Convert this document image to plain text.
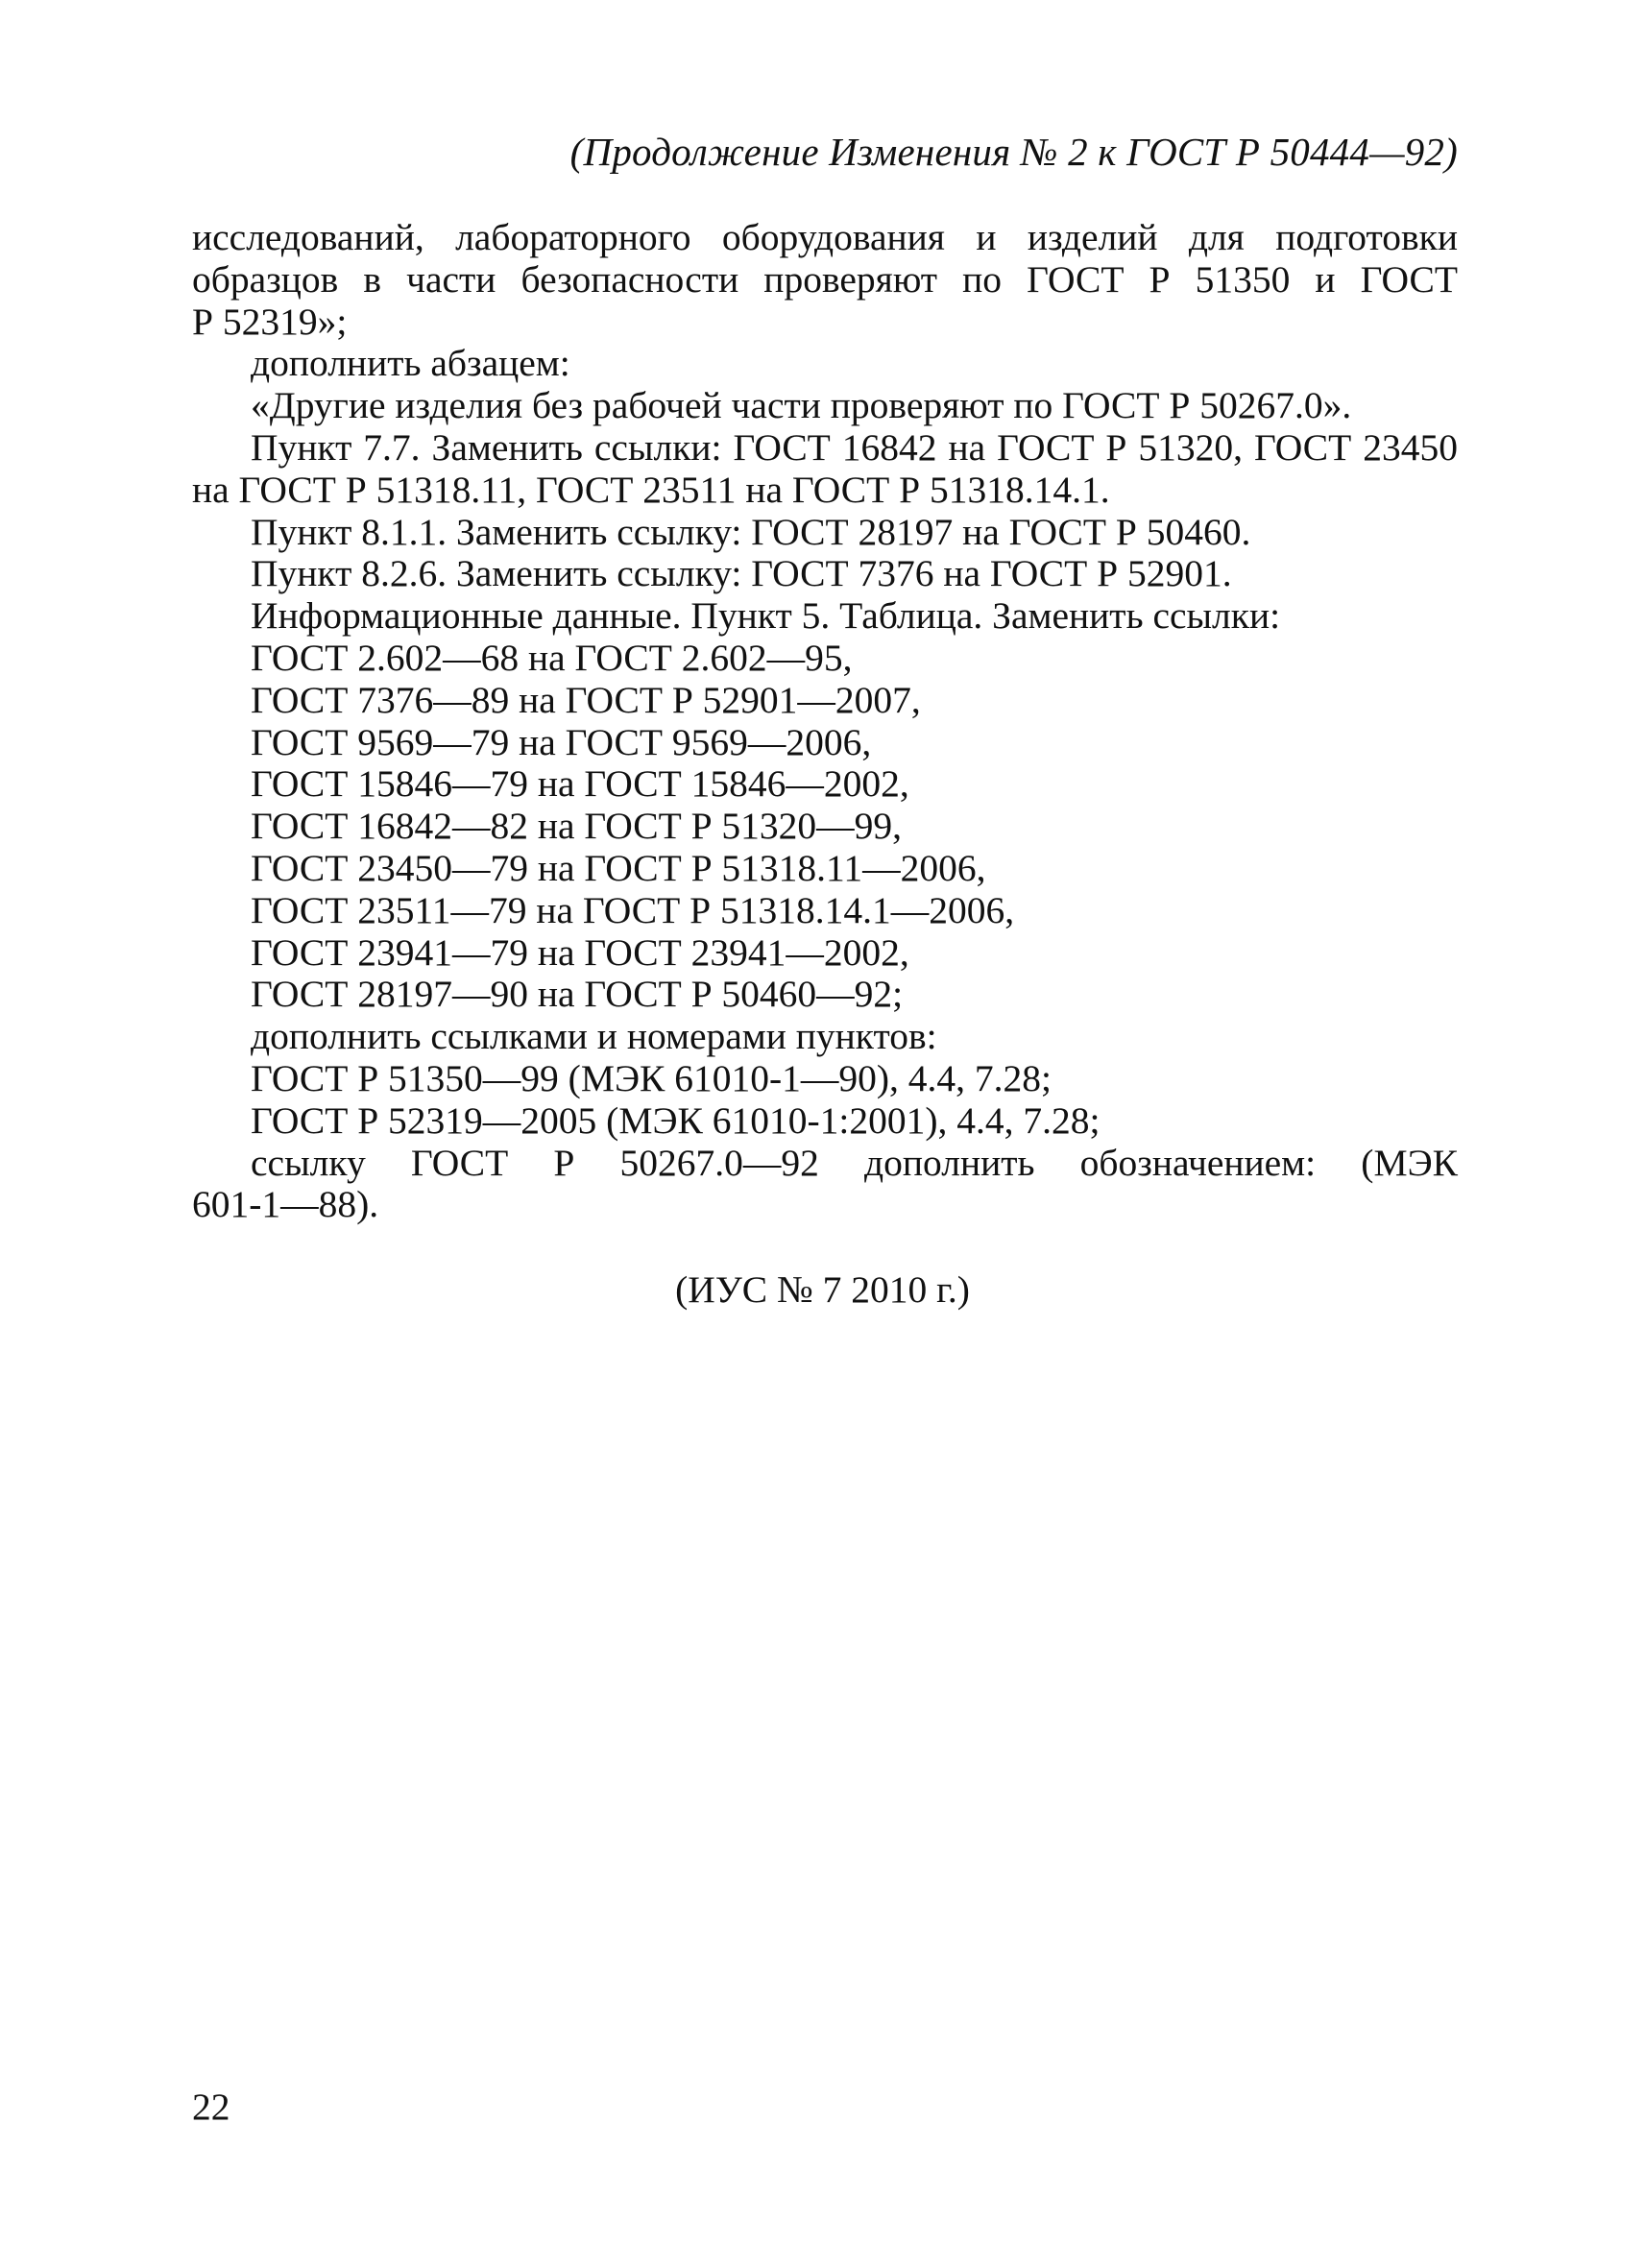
(Продолжение Изменения № 2 к ГОСТ Р 50444—92)

исследований, лабораторного оборудования и изделий для подготовки

образцов в части безопасности проверяют по ГОСТ Р 51350 и ГОСТ

Р 52319»;

дополнить абзацем:

«Другие изделия без рабочей части проверяют по ГОСТ Р 50267.0».

Пункт 7.7. Заменить ссылки: ГОСТ 16842 на ГОСТ Р 51320, ГОСТ 23450

на ГОСТ Р 51318.11, ГОСТ 23511 на ГОСТ Р 51318.14.1.

Пункт 8.1.1. Заменить ссылку: ГОСТ 28197 на ГОСТ Р 50460.

Пункт 8.2.6. Заменить ссылку: ГОСТ 7376 на ГОСТ Р 52901.

Информационные данные. Пункт 5. Таблица. Заменить ссылки:

ГОСТ 2.602—68 на ГОСТ 2.602—95,

ГОСТ 7376—89 на ГОСТ Р 52901—2007,

ГОСТ 9569—79 на ГОСТ 9569—2006,

ГОСТ 15846—79 на ГОСТ 15846—2002,

ГОСТ 16842—82 на ГОСТ Р 51320—99,

ГОСТ 23450—79 на ГОСТ Р 51318.11—2006,

ГОСТ 23511—79 на ГОСТ Р 51318.14.1—2006,

ГОСТ 23941—79 на ГОСТ 23941—2002,

ГОСТ 28197—90 на ГОСТ Р 50460—92;

дополнить ссылками и номерами пунктов:

ГОСТ Р 51350—99 (МЭК 61010-1—90), 4.4, 7.28;

ГОСТ Р 52319—2005 (МЭК 61010-1:2001), 4.4, 7.28;

ссылку ГОСТ Р 50267.0—92 дополнить обозначением: (МЭК

601-1—88).

(ИУС № 7 2010 г.)
22
